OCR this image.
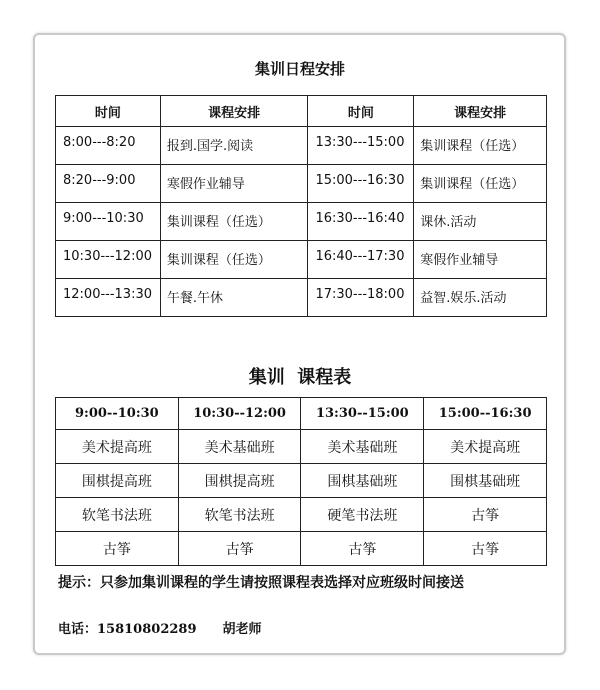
集训日程安排
时间	课程安排	时间	课程安排
8:00---8:20	报到.国学.阅读	13:30---15:00	集训课程（任选）
8:20---9:00	寒假作业辅导	15:00---16:30	集训课程（任选）
9:00---10:30	集训课程（任选）	16:30---16:40	课休.活动
10:30---12:00	集训课程（任选）	16:40---17:30	寒假作业辅导
12:00---13:30	午餐.午休	17:30---18:00	益智.娱乐.活动
集训  课程表
9:00--10:30	10:30--12:00	13:30--15:00	15:00--16:30
美术提高班	美术基础班	美术基础班	美术提高班
围棋提高班	围棋提高班	围棋基础班	围棋基础班
软笔书法班	软笔书法班	硬笔书法班	古筝
古筝	古筝	古筝	古筝
提示：只参加集训课程的学生请按照课程表选择对应班级时间接送
电话：15810802289 胡老师
